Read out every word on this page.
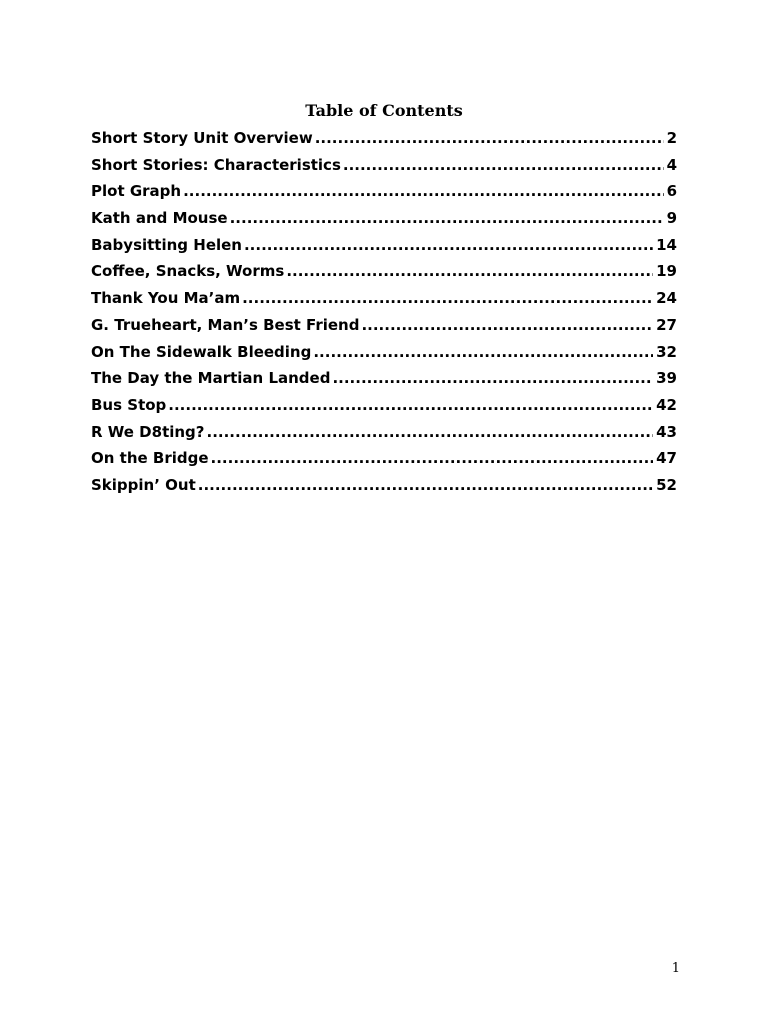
Table of Contents
Short Story Unit Overview .....	2
Short Stories: Characteristics .....	4
Plot Graph .....	6
Kath and Mouse .....	9
Babysitting Helen .....	14
Coffee, Snacks, Worms .....	19
Thank You Ma’am .....	24
G. Trueheart, Man’s Best Friend .....	27
On The Sidewalk Bleeding .....	32
The Day the Martian Landed .....	39
Bus Stop .....	42
R We D8ting? .....	43
On the Bridge .....	47
Skippin’ Out .....	52
1
